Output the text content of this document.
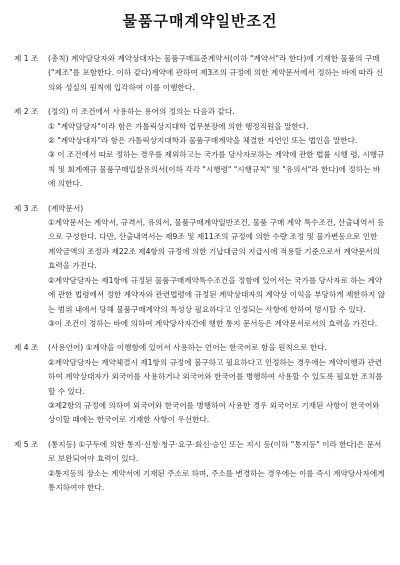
물품구매계약일반조건
제 1 조	(총칙) 계약담당자와 계약상대자는 물품구매표준계약서(이하 "계약서"라 한다)에 기재한 물품의 구매 ("제조"를 포함한다. 이하 같다)계약에 관하여 제3조의 규정에 의한 계약문서에서 정하는 바에 따라 신의와 성실의 원칙에 입각하여 이를 이행한다.
제 2 조	(정의) 이 조건에서 사용하는 용어의 정의는 다음과 같다.
① "계약담당자"이라 함은 가톨릭상지대학 업무분장에 의한 행정직원을 말한다.
② "계약상대자"라 함은 가톨릭상지대학과 물품구매계약을 체결한 자연인 또는 법인을 말한다.
③ 이 조건에서 따로 정하는 경우를 제외하고는 국가를 당사자로하는 계약에 관한 법률 시행 령, 시행규칙 및 회계예규 물품구매입찰유의서(이하 각각 "시행령" "시행규칙" 및 "유의서"라 한다)에 정하는 바에 의한다.
제 3 조	(계약문서)
①계약문서는 계약서, 규격서, 유의서, 물품구매계약일반조건, 물품 구매 계약 특수조건, 산출내역서 등으로 구성한다. 다만, 산출내역서는 제9조 및 제11조의 규정에 의한 수량 조정 및 물가변동으로 인한 계약금액의 조정과 제22조 제4항의 규정에 의한 기납대금의 지급시에 적용할 기준으로서 계약문서의 효력을 가진다.
②계약담당자는 제1항에 규정된 물품구매계약특수조건을 정함에 있어서는 국가를 당사자로 하는 계약에 관한 법령에서 정한 계약자와 관련법령에 규정된 계약상대자의 계약상 이익을 부당하게 제한하지 않는 범위 내에서 당해 물품구매계약의 특성상 필요하다고 인정되는 사항에 한하여 명시할 수 있다.
③이 조건이 정하는 바에 의하여 계약당사자간에 행한 통지 문서등은 계약문서로서의 효력을 가진다.
제 4 조	(사용언어) ①계약을 이행함에 있어서 사용하는 언어는 한국어로 함을 원칙으로 한다.
②계약담당자는 계약체결시 제1항의 규정에 불구하고 필요하다고 인정하는 경우에는 계약이행과 관련하여 계약상대자가 외국어를 사용하거나 외국어와 한국어를 병행하여 사용할 수 있도록 필요한 조치를 할 수 있다.
③제2항의 규정에 의하여 외국어와 한국어를 병행하여 사용한 경우 외국어로 기재된 사항이 한국어와 상이할 때에는 한국어로 기재한 사항이 우선한다.
제 5 조	(통지등) ①구두에 의한 통지·신청·청구·요구·회신·승인 또는 지시 등(이하 "통지등" 이라 한다)은 문서로 보완되어야 효력이 있다.
②통지등의 장소는 계약서에 기재된 주소로 하며, 주소를 변경하는 경우에는 이를 즉시 계약당사자에게 통지하여야 한다.
